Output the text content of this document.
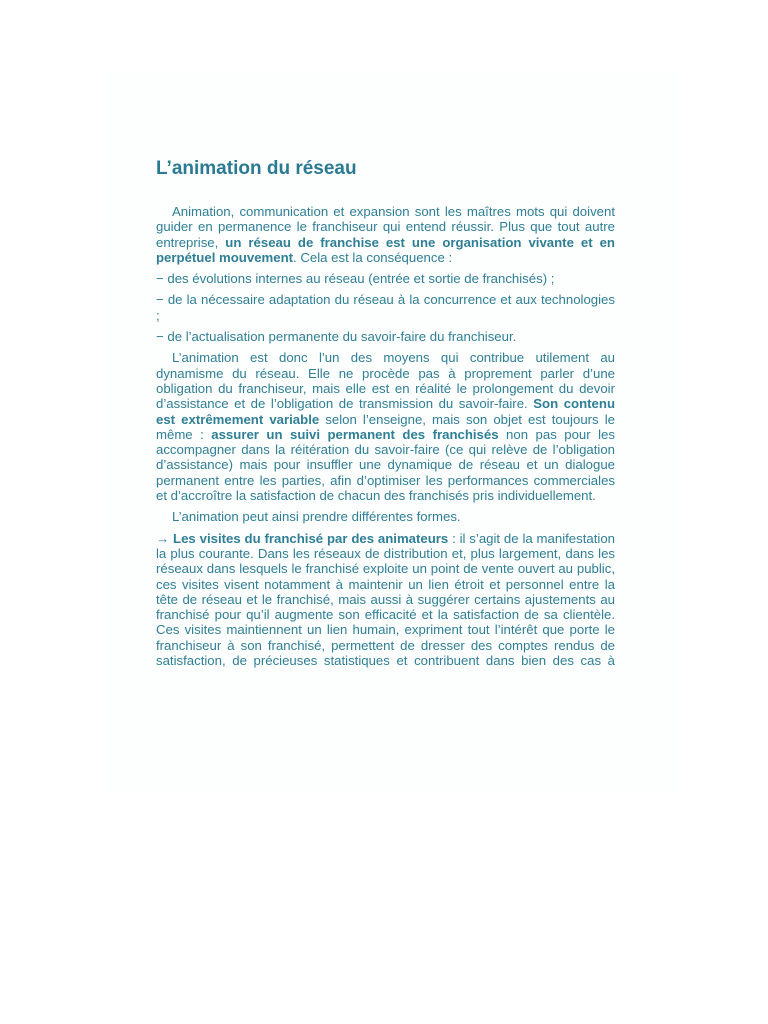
L’animation du réseau

Animation, communication et expansion sont les maîtres mots qui doivent guider en permanence le franchiseur qui entend réussir. Plus que tout autre entreprise, un réseau de franchise est une organisation vivante et en perpétuel mouvement. Cela est la conséquence :

− des évolutions internes au réseau (entrée et sortie de franchisés) ;

− de la nécessaire adaptation du réseau à la concurrence et aux technologies ;

− de l’actualisation permanente du savoir-faire du franchiseur.

L’animation est donc l’un des moyens qui contribue utilement au dynamisme du réseau. Elle ne procède pas à proprement parler d’une obligation du franchiseur, mais elle est en réalité le prolongement du devoir d’assistance et de l’obligation de transmission du savoir-faire. Son contenu est extrêmement variable selon l’enseigne, mais son objet est toujours le même : assurer un suivi permanent des franchisés non pas pour les accompagner dans la réitération du savoir-faire (ce qui relève de l’obligation d’assistance) mais pour insuffler une dynamique de réseau et un dialogue permanent entre les parties, afin d’optimiser les performances commerciales et d’accroître la satisfaction de chacun des franchisés pris individuellement.

L’animation peut ainsi prendre différentes formes.

→ Les visites du franchisé par des animateurs : il s’agit de la manifestation la plus courante. Dans les réseaux de distribution et, plus largement, dans les réseaux dans lesquels le franchisé exploite un point de vente ouvert au public, ces visites visent notamment à maintenir un lien étroit et personnel entre la tête de réseau et le franchisé, mais aussi à suggérer certains ajustements au franchisé pour qu’il augmente son efficacité et la satisfaction de sa clientèle. Ces visites maintiennent un lien humain, expriment tout l’intérêt que porte le franchiseur à son franchisé, permettent de dresser des comptes rendus de satisfaction, de précieuses statistiques et contribuent dans bien des cas à
